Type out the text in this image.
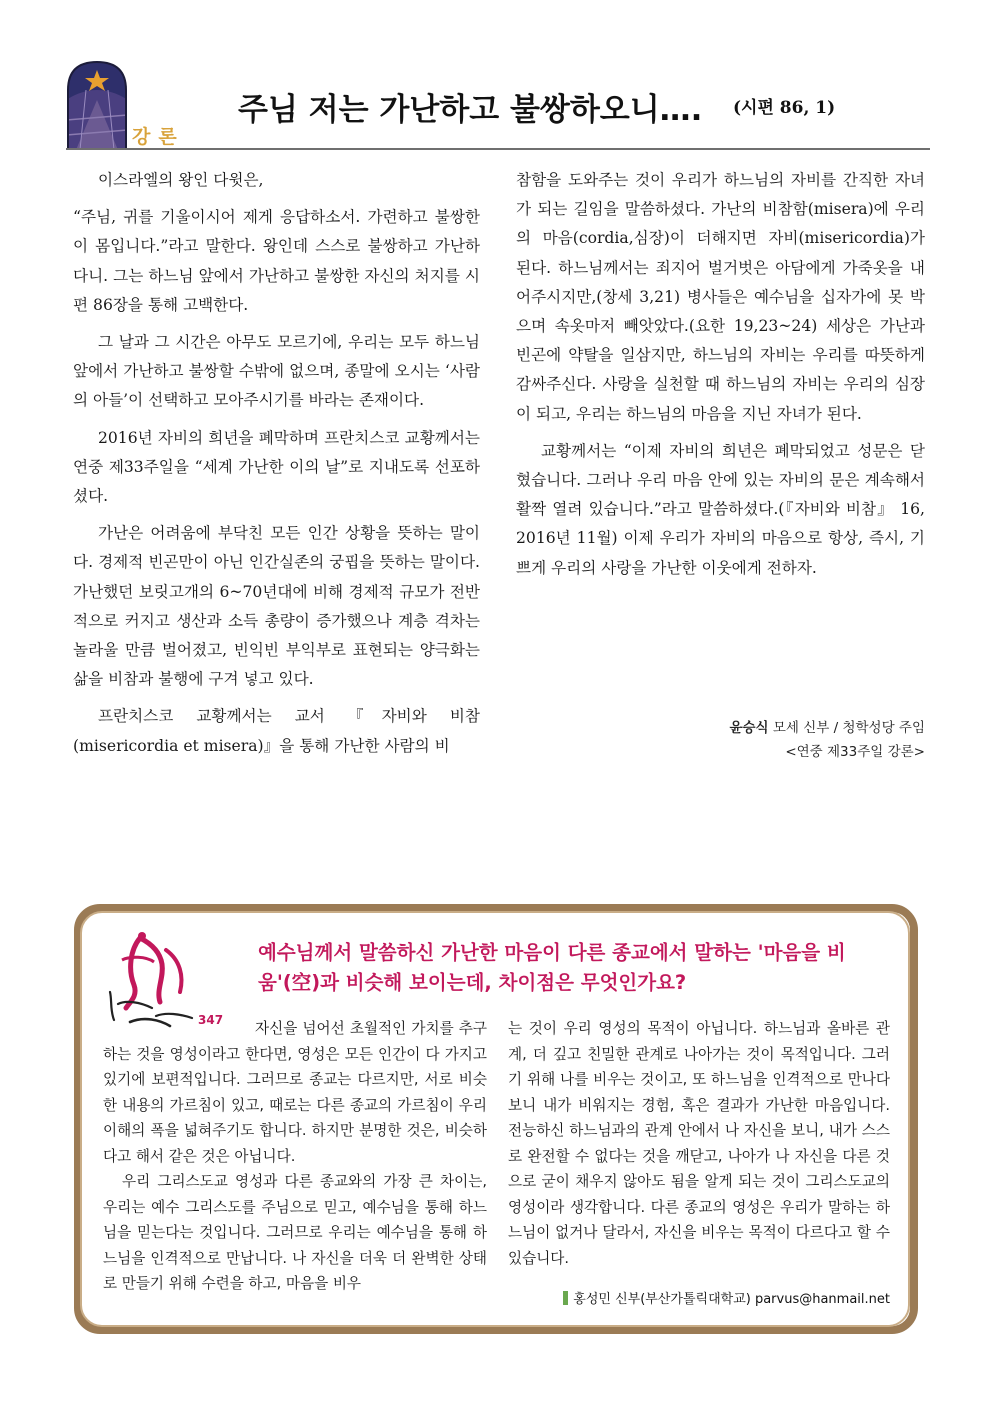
강론
주님 저는 가난하고 불쌍하오니…. (시편 86, 1)

이스라엘의 왕인 다윗은,

“주님, 귀를 기울이시어 제게 응답하소서. 가련하고 불쌍한 이 몸입니다.”라고 말한다. 왕인데 스스로 불쌍하고 가난하다니. 그는 하느님 앞에서 가난하고 불쌍한 자신의 처지를 시편 86장을 통해 고백한다.

그 날과 그 시간은 아무도 모르기에, 우리는 모두 하느님 앞에서 가난하고 불쌍할 수밖에 없으며, 종말에 오시는 ‘사람의 아들’이 선택하고 모아주시기를 바라는 존재이다.

2016년 자비의 희년을 폐막하며 프란치스코 교황께서는 연중 제33주일을 “세계 가난한 이의 날”로 지내도록 선포하셨다.

가난은 어려움에 부닥친 모든 인간 상황을 뜻하는 말이다. 경제적 빈곤만이 아닌 인간실존의 궁핍을 뜻하는 말이다. 가난했던 보릿고개의 6~70년대에 비해 경제적 규모가 전반적으로 커지고 생산과 소득 총량이 증가했으나 계층 격차는 놀라울 만큼 벌어졌고, 빈익빈 부익부로 표현되는 양극화는 삶을 비참과 불행에 구겨 넣고 있다.

프란치스코 교황께서는 교서 『자비와 비참(misericordia et misera)』을 통해 가난한 사람의 비

참함을 도와주는 것이 우리가 하느님의 자비를 간직한 자녀가 되는 길임을 말씀하셨다. 가난의 비참함(misera)에 우리의 마음(cordia,심장)이 더해지면 자비(misericordia)가 된다. 하느님께서는 죄지어 벌거벗은 아담에게 가죽옷을 내어주시지만,(창세 3,21) 병사들은 예수님을 십자가에 못 박으며 속옷마저 빼앗았다.(요한 19,23~24) 세상은 가난과 빈곤에 약탈을 일삼지만, 하느님의 자비는 우리를 따뜻하게 감싸주신다. 사랑을 실천할 때 하느님의 자비는 우리의 심장이 되고, 우리는 하느님의 마음을 지닌 자녀가 된다.

교황께서는 “이제 자비의 희년은 폐막되었고 성문은 닫혔습니다. 그러나 우리 마음 안에 있는 자비의 문은 계속해서 활짝 열려 있습니다.”라고 말씀하셨다.(『자비와 비참』 16, 2016년 11월) 이제 우리가 자비의 마음으로 항상, 즉시, 기쁘게 우리의 사랑을 가난한 이웃에게 전하자.

윤승식 모세 신부 / 청학성당 주임
<연중 제33주일 강론>
347
예수님께서 말씀하신 가난한 마음이 다른 종교에서 말하는 '마음을 비움'(空)과 비슷해 보이는데, 차이점은 무엇인가요?

자신을 넘어선 초월적인 가치를 추구하는 것을 영성이라고 한다면, 영성은 모든 인간이 다 가지고 있기에 보편적입니다. 그러므로 종교는 다르지만, 서로 비슷한 내용의 가르침이 있고, 때로는 다른 종교의 가르침이 우리 이해의 폭을 넓혀주기도 합니다. 하지만 분명한 것은, 비슷하다고 해서 같은 것은 아닙니다.

우리 그리스도교 영성과 다른 종교와의 가장 큰 차이는, 우리는 예수 그리스도를 주님으로 믿고, 예수님을 통해 하느님을 믿는다는 것입니다. 그러므로 우리는 예수님을 통해 하느님을 인격적으로 만납니다. 나 자신을 더욱 더 완벽한 상태로 만들기 위해 수련을 하고, 마음을 비우

는 것이 우리 영성의 목적이 아닙니다. 하느님과 올바른 관계, 더 깊고 친밀한 관계로 나아가는 것이 목적입니다. 그러기 위해 나를 비우는 것이고, 또 하느님을 인격적으로 만나다 보니 내가 비워지는 경험, 혹은 결과가 가난한 마음입니다. 전능하신 하느님과의 관계 안에서 나 자신을 보니, 내가 스스로 완전할 수 없다는 것을 깨닫고, 나아가 나 자신을 다른 것으로 굳이 채우지 않아도 됨을 알게 되는 것이 그리스도교의 영성이라 생각합니다. 다른 종교의 영성은 우리가 말하는 하느님이 없거나 달라서, 자신을 비우는 목적이 다르다고 할 수 있습니다.

홍성민 신부(부산가톨릭대학교) parvus@hanmail.net
